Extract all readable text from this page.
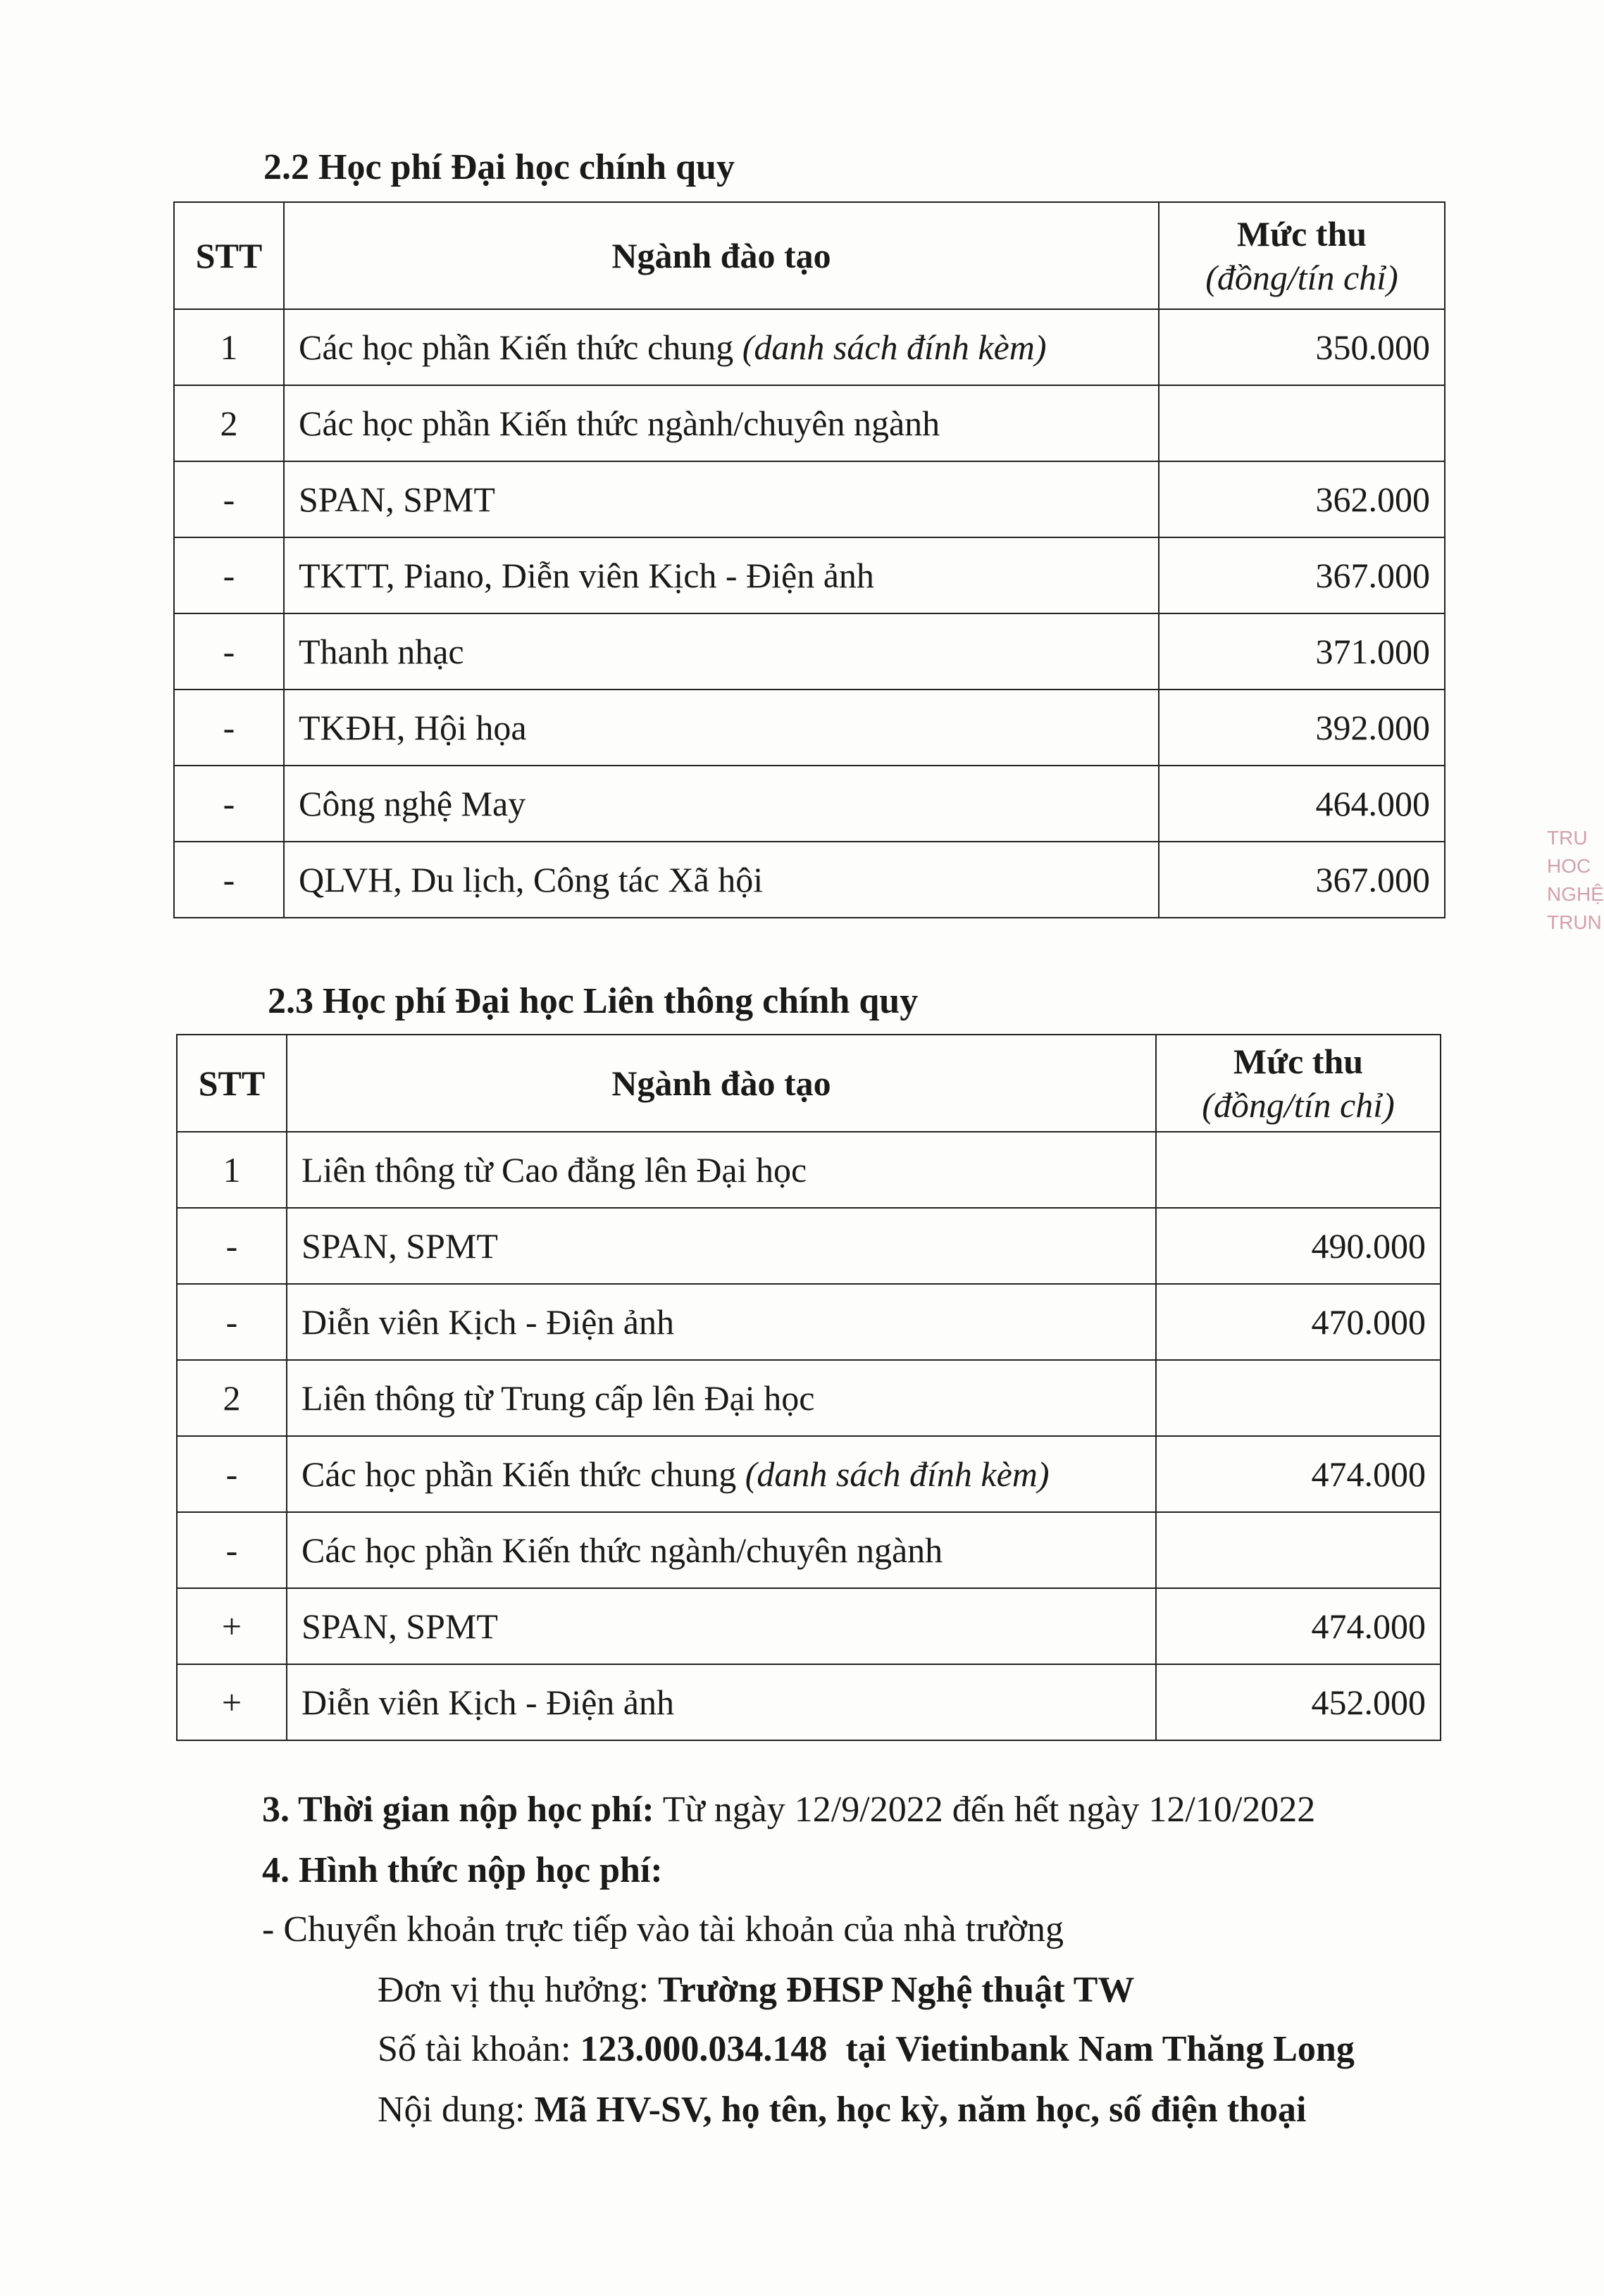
2.2 Học phí Đại học chính quy
STT	Ngành đào tạo	Mức thu
(đồng/tín chỉ)

1	Các học phần Kiến thức chung (danh sách đính kèm)	350.000
2	Các học phần Kiến thức ngành/chuyên ngành	
-	SPAN, SPMT	362.000
-	TKTT, Piano, Diễn viên Kịch - Điện ảnh	367.000
-	Thanh nhạc	371.000
-	TKĐH, Hội họa	392.000
-	Công nghệ May	464.000
-	QLVH, Du lịch, Công tác Xã hội	367.000
2.3 Học phí Đại học Liên thông chính quy
STT	Ngành đào tạo	Mức thu
(đồng/tín chỉ)

1	Liên thông từ Cao đẳng lên Đại học	
-	SPAN, SPMT	490.000
-	Diễn viên Kịch - Điện ảnh	470.000
2	Liên thông từ Trung cấp lên Đại học	
-	Các học phần Kiến thức chung (danh sách đính kèm)	474.000
-	Các học phần Kiến thức ngành/chuyên ngành	
+	SPAN, SPMT	474.000
+	Diễn viên Kịch - Điện ảnh	452.000
3. Thời gian nộp học phí: Từ ngày 12/9/2022 đến hết ngày 12/10/2022
4. Hình thức nộp học phí:
- Chuyển khoản trực tiếp vào tài khoản của nhà trường
Đơn vị thụ hưởng: Trường ĐHSP Nghệ thuật TW
Số tài khoản: 123.000.034.148 tại Vietinbank Nam Thăng Long
Nội dung: Mã HV-SV, họ tên, học kỳ, năm học, số điện thoại
TRU
HOC
NGHỆ
TRUN
